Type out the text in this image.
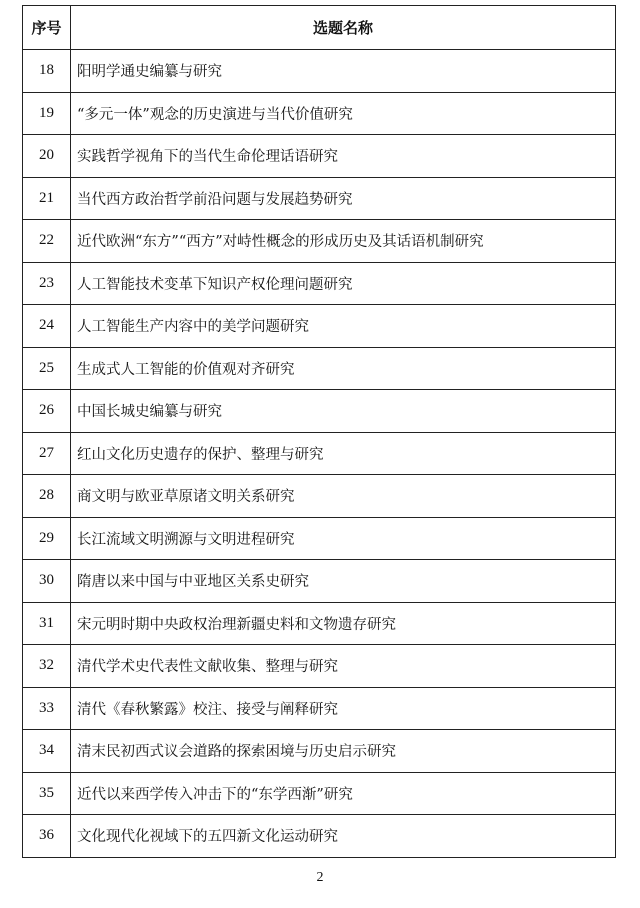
序号	选题名称
18	阳明学通史编纂与研究
19	“多元一体”观念的历史演进与当代价值研究
20	实践哲学视角下的当代生命伦理话语研究
21	当代西方政治哲学前沿问题与发展趋势研究
22	近代欧洲“东方”“西方”对峙性概念的形成历史及其话语机制研究
23	人工智能技术变革下知识产权伦理问题研究
24	人工智能生产内容中的美学问题研究
25	生成式人工智能的价值观对齐研究
26	中国长城史编纂与研究
27	红山文化历史遗存的保护、整理与研究
28	商文明与欧亚草原诸文明关系研究
29	长江流域文明溯源与文明进程研究
30	隋唐以来中国与中亚地区关系史研究
31	宋元明时期中央政权治理新疆史料和文物遗存研究
32	清代学术史代表性文献收集、整理与研究
33	清代《春秋繁露》校注、接受与阐释研究
34	清末民初西式议会道路的探索困境与历史启示研究
35	近代以来西学传入冲击下的“东学西渐”研究
36	文化现代化视域下的五四新文化运动研究
2
